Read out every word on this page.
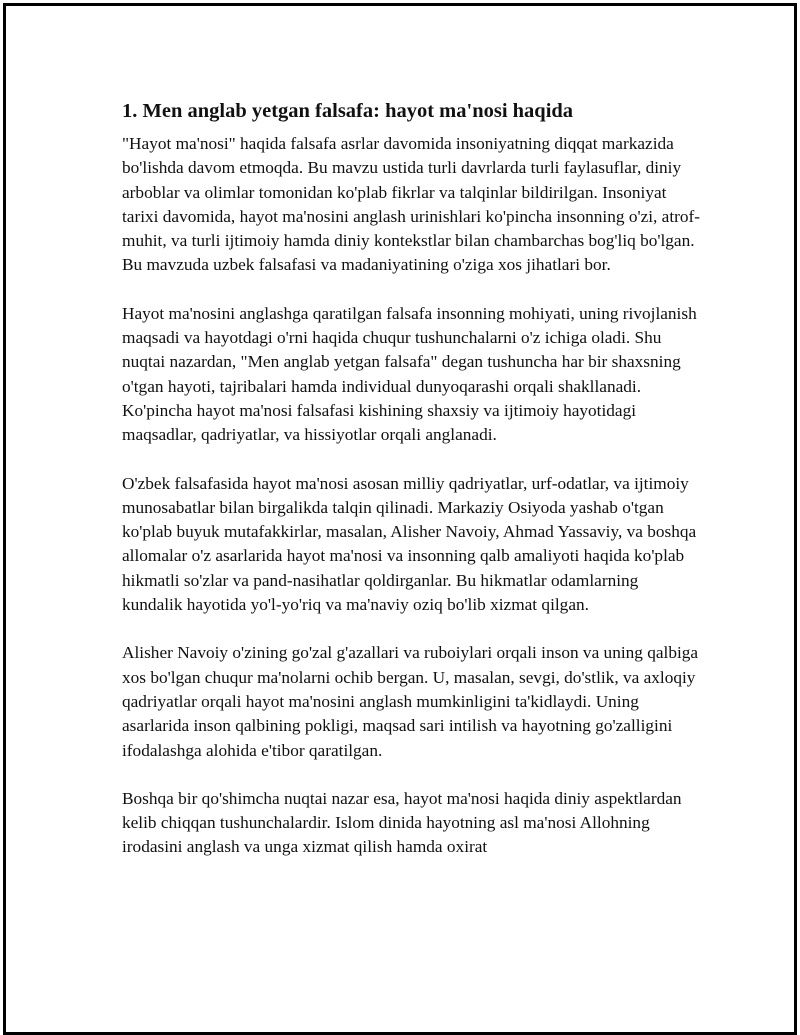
1. Men anglab yetgan falsafa: hayot ma'nosi haqida

"Hayot ma'nosi" haqida falsafa asrlar davomida insoniyatning diqqat markazida bo'lishda davom etmoqda. Bu mavzu ustida turli davrlarda turli faylasuflar, diniy arboblar va olimlar tomonidan ko'plab fikrlar va talqinlar bildirilgan. Insoniyat tarixi davomida, hayot ma'nosini anglash urinishlari ko'pincha insonning o'zi, atrof-muhit, va turli ijtimoiy hamda diniy kontekstlar bilan chambarchas bog'liq bo'lgan. Bu mavzuda uzbek falsafasi va madaniyatining o'ziga xos jihatlari bor.

Hayot ma'nosini anglashga qaratilgan falsafa insonning mohiyati, uning rivojlanish maqsadi va hayotdagi o'rni haqida chuqur tushunchalarni o'z ichiga oladi. Shu nuqtai nazardan, "Men anglab yetgan falsafa" degan tushuncha har bir shaxsning o'tgan hayoti, tajribalari hamda individual dunyoqarashi orqali shakllanadi. Ko'pincha hayot ma'nosi falsafasi kishining shaxsiy va ijtimoiy hayotidagi maqsadlar, qadriyatlar, va hissiyotlar orqali anglanadi.

O'zbek falsafasida hayot ma'nosi asosan milliy qadriyatlar, urf-odatlar, va ijtimoiy munosabatlar bilan birgalikda talqin qilinadi. Markaziy Osiyoda yashab o'tgan ko'plab buyuk mutafakkirlar, masalan, Alisher Navoiy, Ahmad Yassaviy, va boshqa allomalar o'z asarlarida hayot ma'nosi va insonning qalb amaliyoti haqida ko'plab hikmatli so'zlar va pand-nasihatlar qoldirganlar. Bu hikmatlar odamlarning kundalik hayotida yo'l-yo'riq va ma'naviy oziq bo'lib xizmat qilgan.

Alisher Navoiy o'zining go'zal g'azallari va ruboiylari orqali inson va uning qalbiga xos bo'lgan chuqur ma'nolarni ochib bergan. U, masalan, sevgi, do'stlik, va axloqiy qadriyatlar orqali hayot ma'nosini anglash mumkinligini ta'kidlaydi. Uning asarlarida inson qalbining pokligi, maqsad sari intilish va hayotning go'zalligini ifodalashga alohida e'tibor qaratilgan.

Boshqa bir qo'shimcha nuqtai nazar esa, hayot ma'nosi haqida diniy aspektlardan kelib chiqqan tushunchalardir. Islom dinida hayotning asl ma'nosi Allohning irodasini anglash va unga xizmat qilish hamda oxirat
